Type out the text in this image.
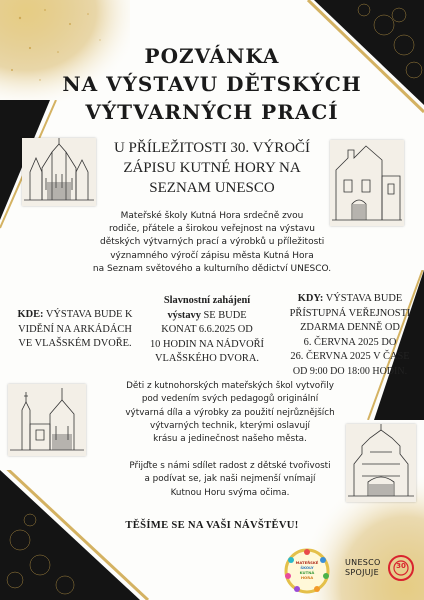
POZVÁNKA
NA VÝSTAVU DĚTSKÝCH
VÝTVARNÝCH PRACÍ
U PŘÍLEŽITOSTI 30. VÝROČÍ
ZÁPISU KUTNÉ HORY NA
SEZNAM UNESCO
Mateřské školy Kutná Hora srdečně zvou
rodiče, přátele a širokou veřejnost na výstavu
dětských výtvarných prací a výrobků u příležitosti
významného výročí zápisu města Kutná Hora
na Seznam světového a kulturního dědictví UNESCO.
KDE: VÝSTAVA BUDE K
VIDĚNÍ NA ARKÁDÁCH
VE VLAŠSKÉM DVOŘE.
Slavnostní zahájení
výstavy SE BUDE
KONAT 6.6.2025 OD
10 HODIN NA NÁDVOŘÍ
VLAŠSKÉHO DVORA.
KDY: VÝSTAVA BUDE
PŘÍSTUPNÁ VEŘEJNOSTI
ZDARMA DENNĚ OD
6. ČERVNA 2025 DO
26. ČERVNA 2025 V ČASE
OD 9:00 DO 18:00 HODIN.
Děti z kutnohorských mateřských škol vytvořily
pod vedením svých pedagogů originální
výtvarná díla a výrobky za použití nejrůznějších
výtvarných technik, kterými oslavují
krásu a jedinečnost našeho města.
Přijďte s námi sdílet radost z dětské tvořivosti
a podívat se, jak naši nejmenší vnímají
Kutnou Horu svýma očima.
TĚŠÍME SE NA VAŠI NÁVŠTĚVU!
MATEŘSKÉ
ŠKOLY
KUTNÁ
HORA
UNESCO
SPOJUJE
30
